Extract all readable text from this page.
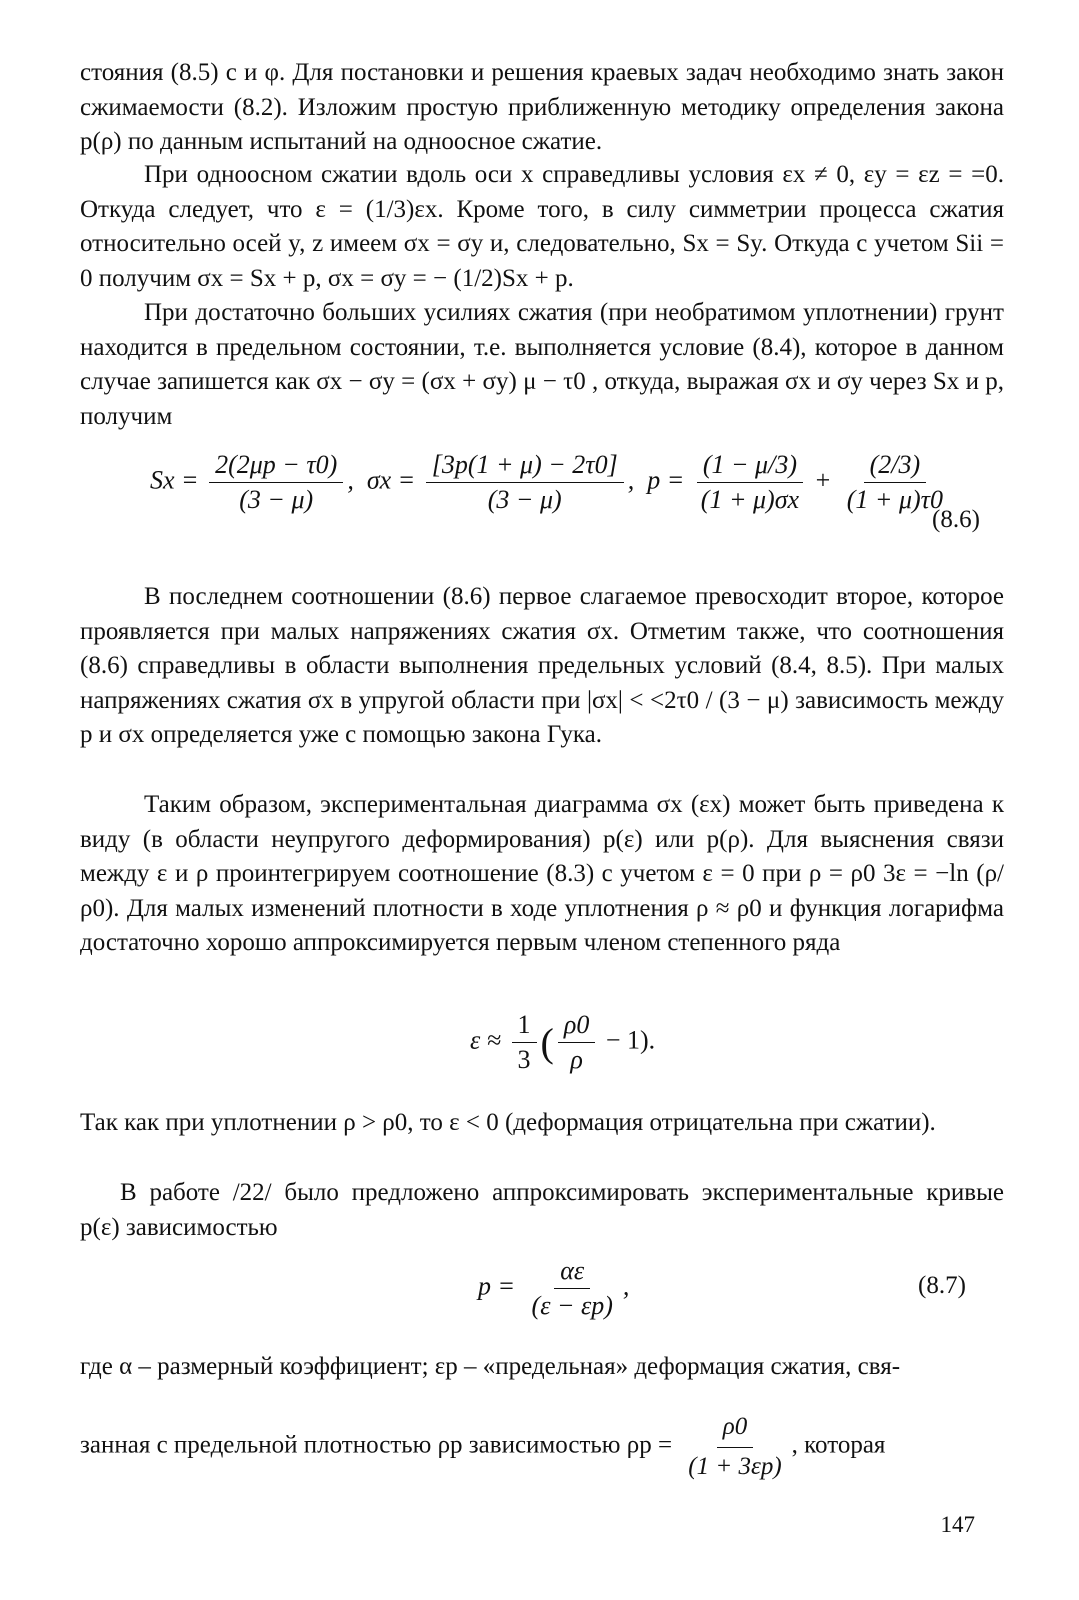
стояния (8.5) с и φ. Для постановки и решения краевых задач необходимо знать закон сжимаемости (8.2). Изложим простую приближенную методику определения закона p(ρ) по данным испытаний на одноосное сжатие.

При одноосном сжатии вдоль оси x справедливы условия εx ≠ 0, εy = εz = =0. Откуда следует, что ε = (1/3)εx. Кроме того, в силу симметрии процесса сжатия относительно осей y, z имеем σx = σy и, следовательно, Sx = Sy. Откуда с учетом Sii = 0 получим σx = Sx + p, σx = σy = − (1/2)Sx + p.

При достаточно больших усилиях сжатия (при необратимом уплотнении) грунт находится в предельном состоянии, т.е. выполняется условие (8.4), которое в данном случае запишется как σx − σy = (σx + σy) μ − τ0 , откуда, выражая σx и σy через Sx и p, получим

$Sx = \frac{2(2\mu p - \tau 0)}{(3 - \mu)}$ ,  $\sigma x = \frac{[3p(1 + \mu) - 2\tau 0]}{(3 - \mu)}$ ,  $p = \frac{(1 - \mu/3)}{(1 + \mu)\sigma x} + \frac{(2/3)}{(1 + \mu)\tau 0}$
(8.6)

В последнем соотношении (8.6) первое слагаемое превосходит второе, которое проявляется при малых напряжениях сжатия σx. Отметим также, что соотношения (8.6) справедливы в области выполнения предельных условий (8.4, 8.5). При малых напряжениях сжатия σx в упругой области при |σx| < <2τ0 / (3 − μ) зависимость между p и σx определяется уже с помощью закона Гука.

Таким образом, экспериментальная диаграмма σx (εx) может быть приведена к виду (в области неупругого деформирования) p(ε) или p(ρ). Для выяснения связи между ε и ρ проинтегрируем соотношение (8.3) с учетом ε = 0 при ρ = ρ0 3ε = −ln (ρ/ρ0). Для малых изменений плотности в ходе уплотнения ρ ≈ ρ0 и функция логарифма достаточно хорошо аппроксимируется первым членом степенного ряда

$\varepsilon \approx \frac{1}{3}$ ( $\frac{\rho 0}{\rho} - 1$).

Так как при уплотнении ρ > ρ0, то ε < 0 (деформация отрицательна при сжатии).

В работе /22/ было предложено аппроксимировать экспериментальные кривые p(ε) зависимостью

$p = \frac{\alpha\varepsilon}{(\varepsilon - \varepsilon p)}$ ,	(8.7)

где α – размерный коэффициент; εp – «предельная» деформация сжатия, свя-

занная с предельной плотностью ρp зависимостью $\rho p = \frac{\rho 0}{(1 + 3\varepsilon p)}$ , которая
147
